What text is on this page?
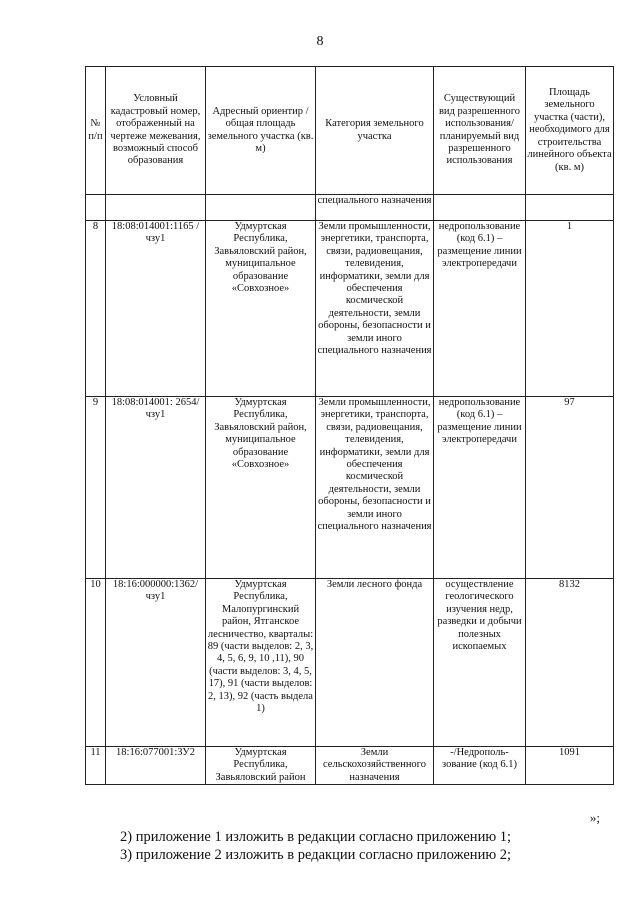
8
№ п/п	Условный кадастровый номер, отображенный на чертеже межевания, возможный способ образования	Адресный ориентир /общая площадь земельного участка (кв. м)	Категория земельного участка	Существующий вид разрешенного использования/ планируемый вид разрешенного использования	Площадь земельного участка (части), необходимого для строительства линейного объекта (кв. м)
			специального назначения		
8	18:08:014001:1165 /чзу1	Удмуртская Республика, Завьяловский район, муниципальное образование «Совхозное»	Земли промышленности, энергетики, транспорта, связи, радиовещания, телевидения, информатики, земли для обеспечения космической деятельности, земли обороны, безопасности и земли иного специального назначения	недропользование (код 6.1) – размещение линии электропередачи	1
9	18:08:014001: 2654/чзу1	Удмуртская Республика, Завьяловский район, муниципальное образование «Совхозное»	Земли промышленности, энергетики, транспорта, связи, радиовещания, телевидения, информатики, земли для обеспечения космической деятельности, земли обороны, безопасности и земли иного специального назначения	недропользование (код 6.1) – размещение линии электропередачи	97
10	18:16:000000:1362/ чзу1	Удмуртская Республика, Малопургинский район, Ятганское лесничество, кварталы: 89 (части выделов: 2, 3, 4, 5, 6, 9, 10 ,11), 90 (части выделов: 3, 4, 5, 17), 91 (части выделов: 2, 13), 92 (часть выдела 1)	Земли лесного фонда	осуществление геологического изучения недр, разведки и добычи полезных ископаемых	8132
11	18:16:077001:ЗУ2	Удмуртская Республика, Завьяловский район	Земли сельскохозяйственного назначения	-/Недрополь-зование (код 6.1)	1091
»;
2) приложение 1 изложить в редакции согласно приложению 1;
3) приложение 2 изложить в редакции согласно приложению 2;
